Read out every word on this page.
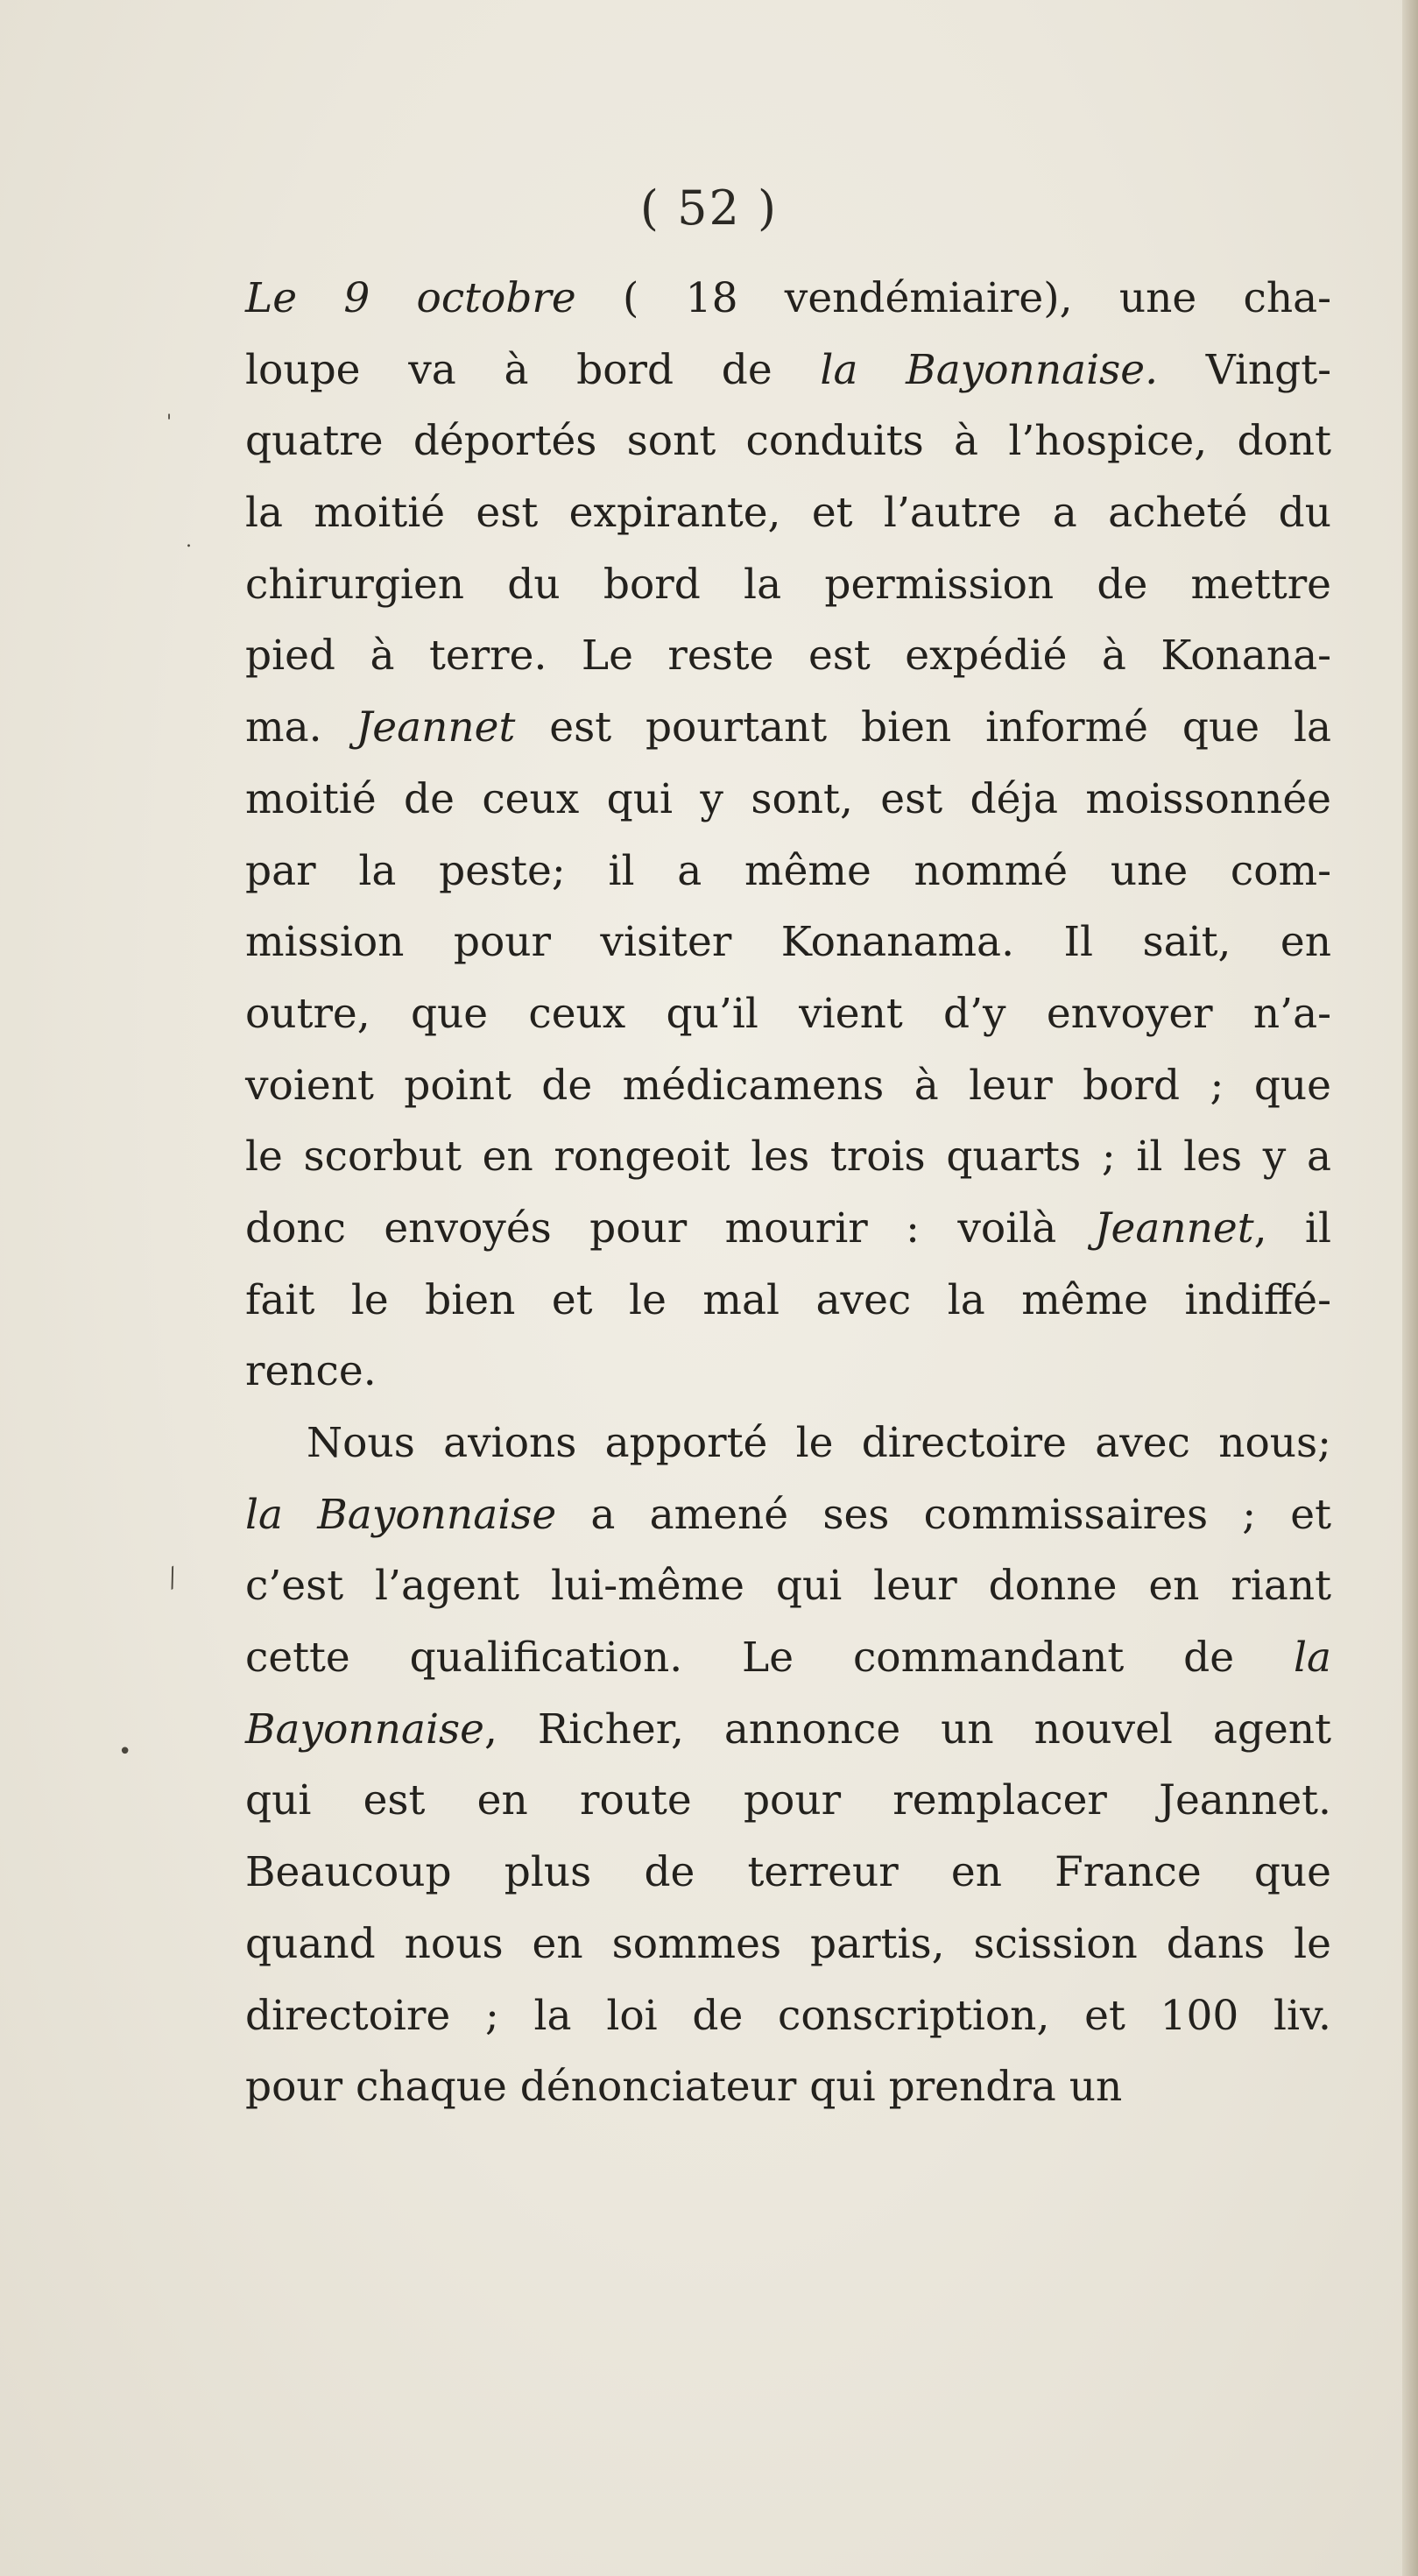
( 52 )
Le 9 octobre ( 18 vendémiaire), une cha-
loupe va à bord de la Bayonnaise. Vingt-
quatre déportés sont conduits à l’hospice, dont
la moitié est expirante, et l’autre a acheté du
chirurgien du bord la permission de mettre
pied à terre. Le reste est expédié à Konana-
ma. Jeannet est pourtant bien informé que la
moitié de ceux qui y sont, est déja moissonnée
par la peste; il a même nommé une com-
mission pour visiter Konanama. Il sait, en
outre, que ceux qu’il vient d’y envoyer n’a-
voient point de médicamens à leur bord ; que
le scorbut en rongeoit les trois quarts ; il les y a
donc envoyés pour mourir : voilà Jeannet, il
fait le bien et le mal avec la même indiffé-
rence.
Nous avions apporté le directoire avec nous;
la Bayonnaise a amené ses commissaires ; et
c’est l’agent lui-même qui leur donne en riant
cette qualification. Le commandant de la
Bayonnaise, Richer, annonce un nouvel agent
qui est en route pour remplacer Jeannet.
Beaucoup plus de terreur en France que
quand nous en sommes partis, scission dans le
directoire ; la loi de conscription, et 100 liv.
pour chaque dénonciateur qui prendra un
'
.
⁄
•
